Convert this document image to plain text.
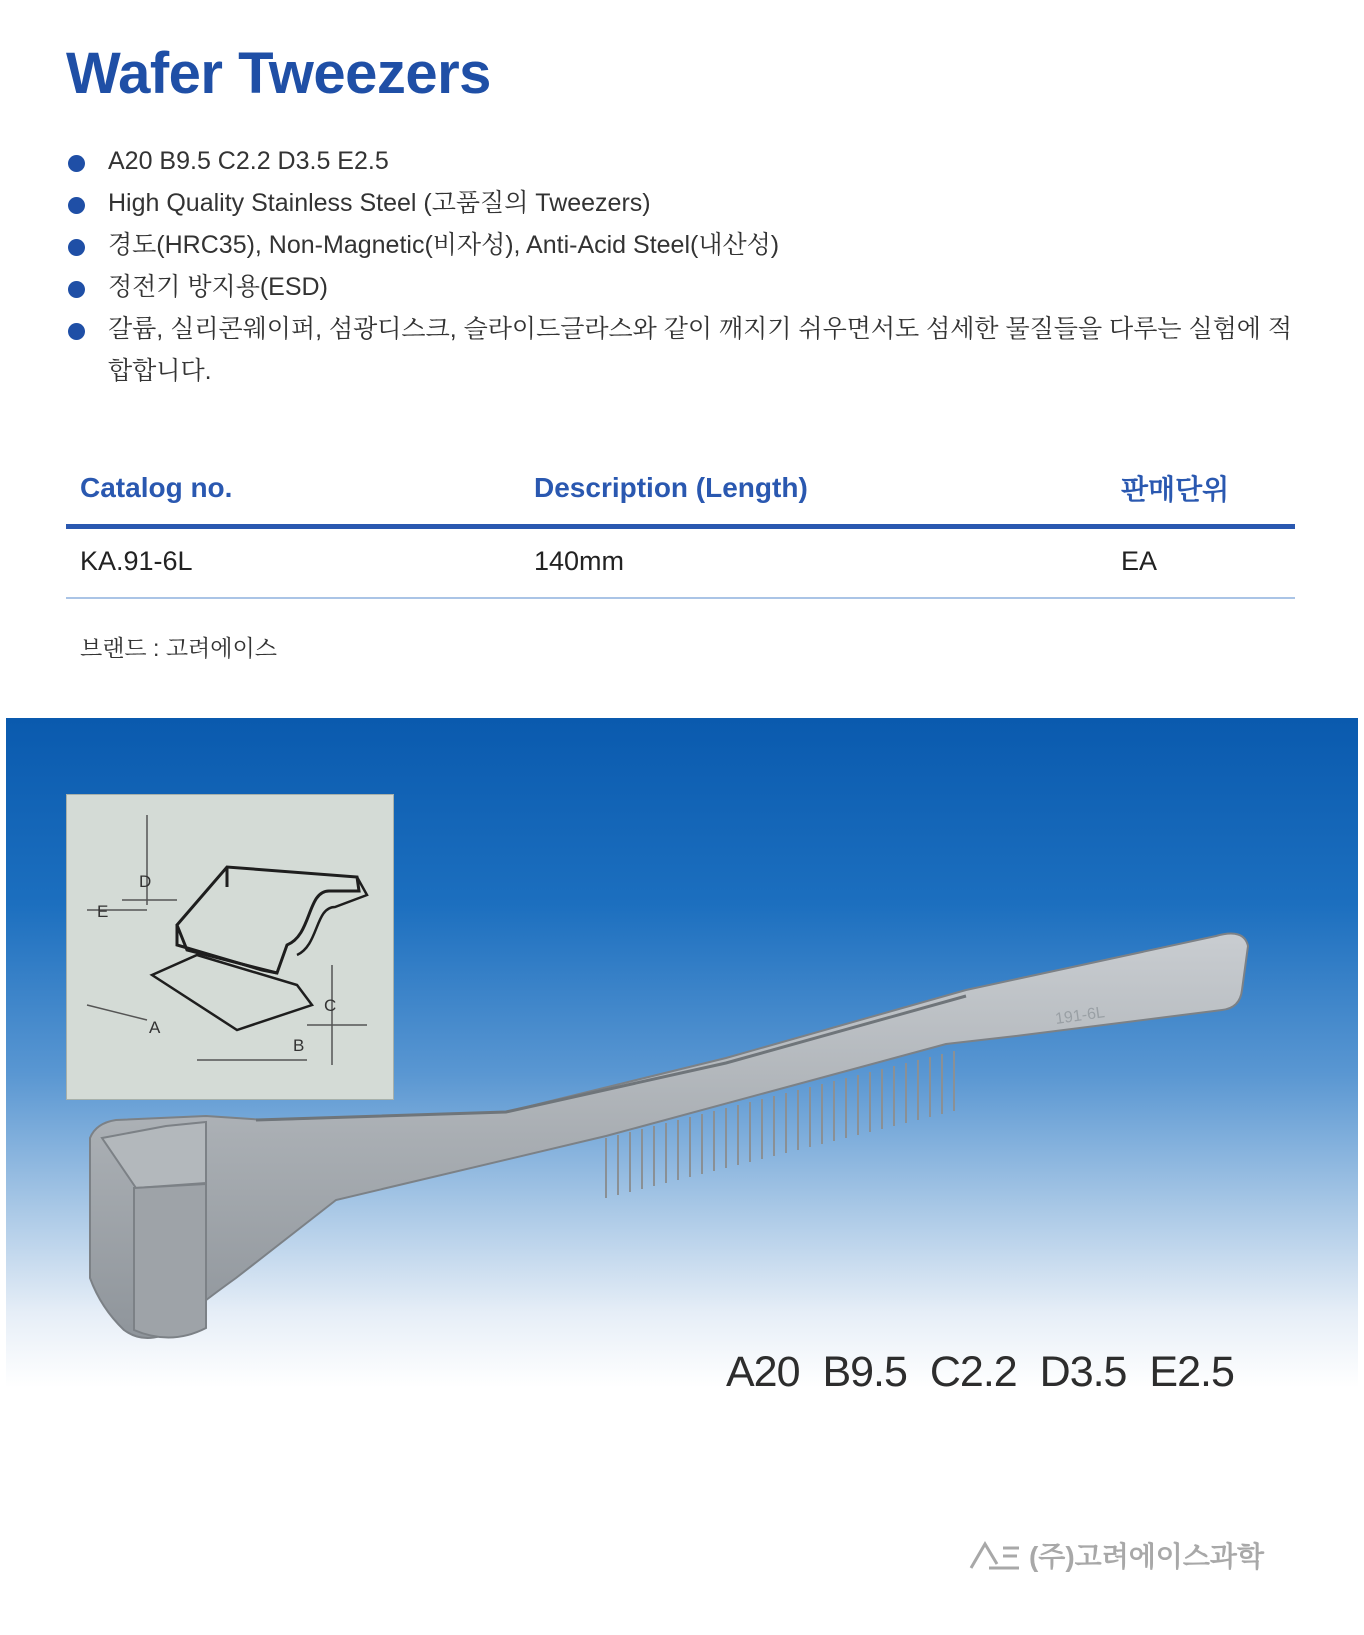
Wafer Tweezers
A20 B9.5 C2.2 D3.5 E2.5
High Quality Stainless Steel (고품질의 Tweezers)
경도(HRC35), Non-Magnetic(비자성), Anti-Acid Steel(내산성)
정전기 방지용(ESD)
갈륨, 실리콘웨이퍼, 섬광디스크, 슬라이드글라스와 같이 깨지기 쉬우면서도 섬세한 물질들을 다루는 실험에 적합합니다.
Catalog no.	Description (Length)	판매단위
KA.91-6L	140mm	EA
브랜드 : 고려에이스
D
E
C
A
B
191-6L
A20 B9.5 C2.2 D3.5 E2.5
(주)고려에이스과학
